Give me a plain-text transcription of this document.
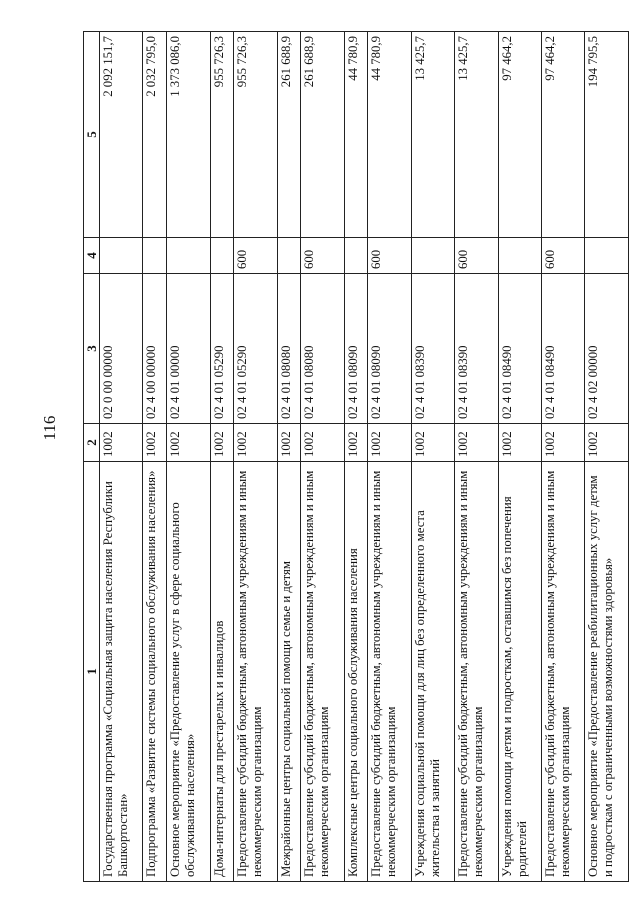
116
1	2	3	4	5
Государственная программа «Социальная защита населения Республики Башкортостан»	1002	02 0 00 00000		2 092 151,7
Подпрограмма «Развитие системы социального обслуживания населения»	1002	02 4 00 00000		2 032 795,0
Основное мероприятие «Предоставление услуг в сфере социального обслуживания населения»	1002	02 4 01 00000		1 373 086,0
Дома-интернаты для престарелых и инвалидов	1002	02 4 01 05290		955 726,3
Предоставление субсидий бюджетным, автономным учреждениям и иным некоммерческим организациям	1002	02 4 01 05290	600	955 726,3
Межрайонные центры социальной помощи семье и детям	1002	02 4 01 08080		261 688,9
Предоставление субсидий бюджетным, автономным учреждениям и иным некоммерческим организациям	1002	02 4 01 08080	600	261 688,9
Комплексные центры социального обслуживания населения	1002	02 4 01 08090		44 780,9
Предоставление субсидий бюджетным, автономным учреждениям и иным некоммерческим организациям	1002	02 4 01 08090	600	44 780,9
Учреждения социальной помощи для лиц без определенного места жительства и занятий	1002	02 4 01 08390		13 425,7
Предоставление субсидий бюджетным, автономным учреждениям и иным некоммерческим организациям	1002	02 4 01 08390	600	13 425,7
Учреждения помощи детям и подросткам, оставшимся без попечения родителей	1002	02 4 01 08490		97 464,2
Предоставление субсидий бюджетным, автономным учреждениям и иным некоммерческим организациям	1002	02 4 01 08490	600	97 464,2
Основное мероприятие «Предоставление реабилитационных услуг детям и подросткам с ограниченными возможностями здоровья»	1002	02 4 02 00000		194 795,5
